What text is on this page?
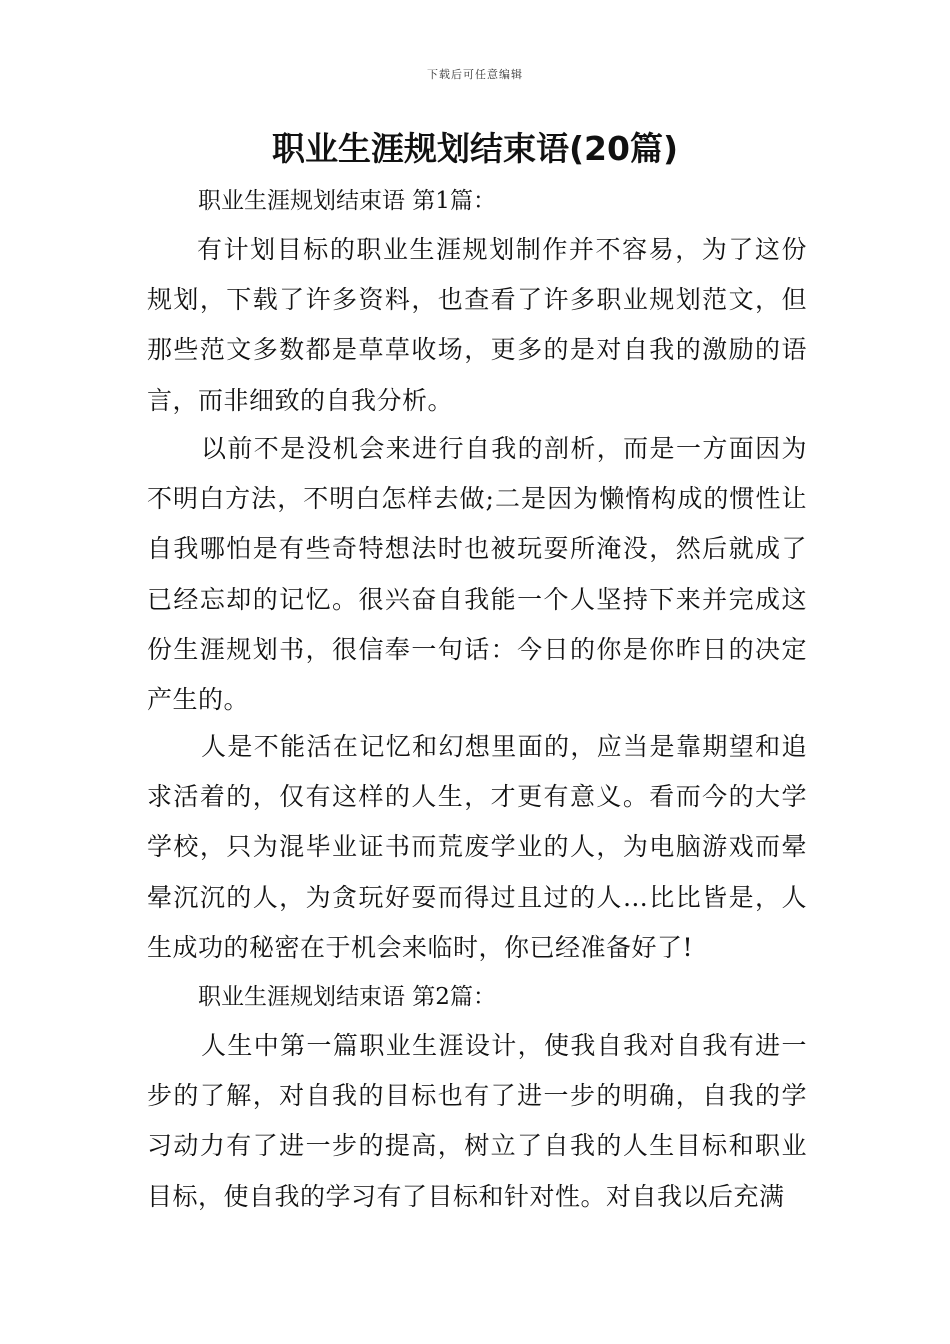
下载后可任意编辑
职业生涯规划结束语(20篇)
职业生涯规划结束语 第1篇：

有计划目标的职业生涯规划制作并不容易，为了这份规划，下载了许多资料，也查看了许多职业规划范文，但那些范文多数都是草草收场，更多的是对自我的激励的语言，而非细致的自我分析。

以前不是没机会来进行自我的剖析，而是一方面因为不明白方法，不明白怎样去做;二是因为懒惰构成的惯性让自我哪怕是有些奇特想法时也被玩耍所淹没，然后就成了已经忘却的记忆。很兴奋自我能一个人坚持下来并完成这份生涯规划书，很信奉一句话：今日的你是你昨日的决定产生的。

人是不能活在记忆和幻想里面的，应当是靠期望和追求活着的，仅有这样的人生，才更有意义。看而今的大学学校，只为混毕业证书而荒废学业的人，为电脑游戏而晕晕沉沉的人，为贪玩好耍而得过且过的人…比比皆是，人生成功的秘密在于机会来临时，你已经准备好了!

职业生涯规划结束语 第2篇：

人生中第一篇职业生涯设计，使我自我对自我有进一步的了解，对自我的目标也有了进一步的明确，自我的学习动力有了进一步的提高，树立了自我的人生目标和职业目标，使自我的学习有了目标和针对性。对自我以后充满
